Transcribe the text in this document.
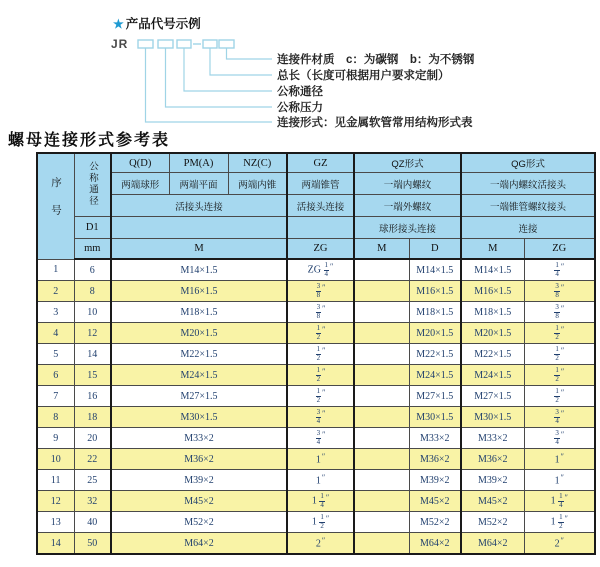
★ 产品代号示例
JR
连接件材质　c：为碳钢　b：为不锈钢
总长（长度可根据用户要求定制）
公称通径
公称压力
连接形式：见金属软管常用结构形式表
螺母连接形式参考表
序号	公称通径	Q(D)	PM(A)	NZ(C)	GZ	QZ形式		QG形式	
		两端球形	两端平面	两端内锥	两端锥管	一端内螺纹		一端内螺纹活接头	
		活接头连接			活接头连接	一端外螺纹		一端锥管螺纹接头	
	D1					球形接头连接		连接	
	mm	M			ZG	M	D	M	ZG
1	6	M14×1.5			ZG $\frac{1}{4} ''$		M14×1.5	M14×1.5	$\frac{1}{4} ''$
2	8	M16×1.5			$\frac{3}{8} ''$		M16×1.5	M16×1.5	$\frac{3}{8} ''$
3	10	M18×1.5			$\frac{3}{8} ''$		M18×1.5	M18×1.5	$\frac{3}{8} ''$
4	12	M20×1.5			$\frac{1}{2} ''$		M20×1.5	M20×1.5	$\frac{1}{2} ''$
5	14	M22×1.5			$\frac{1}{2} ''$		M22×1.5	M22×1.5	$\frac{1}{2} ''$
6	15	M24×1.5			$\frac{1}{2} ''$		M24×1.5	M24×1.5	$\frac{1}{2} ''$
7	16	M27×1.5			$\frac{1}{2} ''$		M27×1.5	M27×1.5	$\frac{1}{2} ''$
8	18	M30×1.5			$\frac{3}{4} ''$		M30×1.5	M30×1.5	$\frac{3}{4} ''$
9	20	M33×2			$\frac{3}{4} ''$		M33×2	M33×2	$\frac{3}{4} ''$
10	22	M36×2			1″		M36×2	M36×2	1″
11	25	M39×2			1″		M39×2	M39×2	1″
12	32	M45×2			$1 \frac{1}{4} ''$		M45×2	M45×2	$1 \frac{1}{4} ''$
13	40	M52×2			$1 \frac{1}{2} ''$		M52×2	M52×2	$1 \frac{1}{2} ''$
14	50	M64×2			2″		M64×2	M64×2	2″
